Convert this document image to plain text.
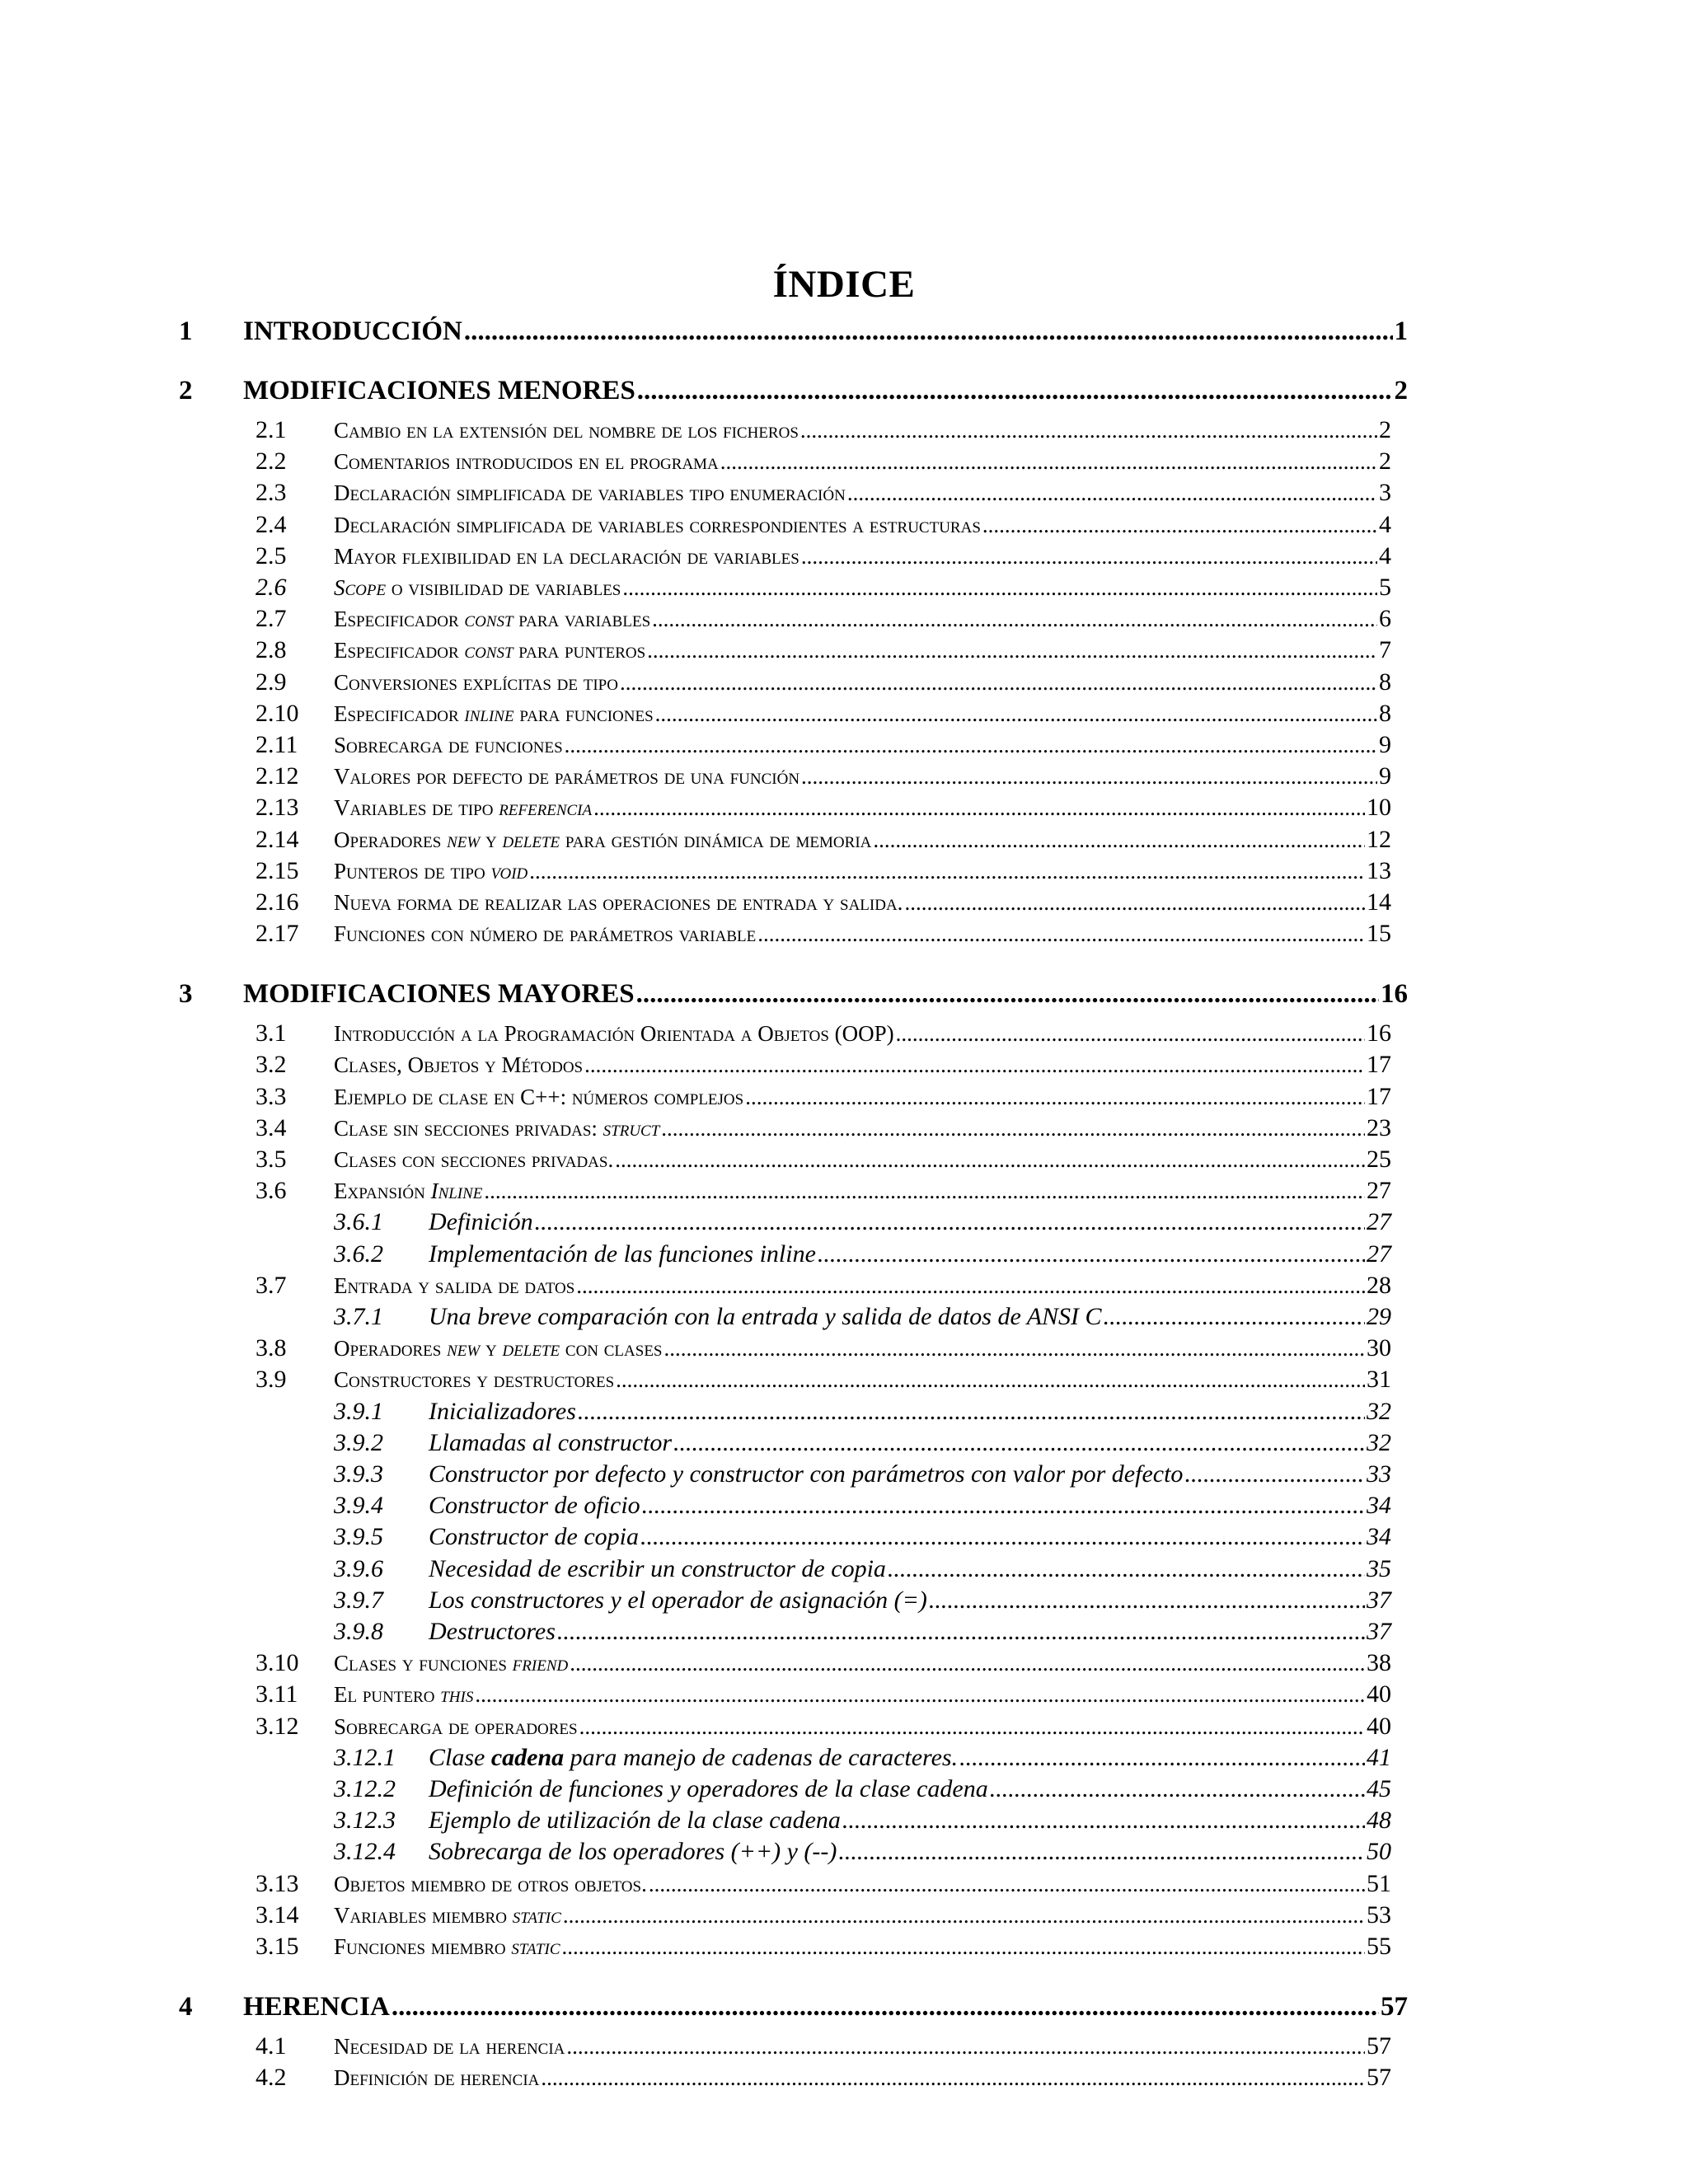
ÍNDICE
1 INTRODUCCIÓN .....	1
2 MODIFICACIONES MENORES .....	2
2.1 Cambio en la extensión del nombre de los ficheros .....	2
2.2 Comentarios introducidos en el programa .....	2
2.3 Declaración simplificada de variables tipo enumeración .....	3
2.4 Declaración simplificada de variables correspondientes a estructuras .....	4
2.5 Mayor flexibilidad en la declaración de variables .....	4
2.6 Scope o visibilidad de variables .....	5
2.7 Especificador const para variables .....	6
2.8 Especificador const para punteros .....	7
2.9 Conversiones explícitas de tipo .....	8
2.10 Especificador inline para funciones .....	8
2.11 Sobrecarga de funciones .....	9
2.12 Valores por defecto de parámetros de una función .....	9
2.13 Variables de tipo referencia .....	10
2.14 Operadores new y delete para gestión dinámica de memoria .....	12
2.15 Punteros de tipo void .....	13
2.16 Nueva forma de realizar las operaciones de entrada y salida. .....	14
2.17 Funciones con número de parámetros variable .....	15
3 MODIFICACIONES MAYORES .....	16
3.1 Introducción a la Programación Orientada a Objetos (OOP) .....	16
3.2 Clases, Objetos y Métodos .....	17
3.3 Ejemplo de clase en C++: números complejos .....	17
3.4 Clase sin secciones privadas: struct .....	23
3.5 Clases con secciones privadas. .....	25
3.6 Expansión Inline .....	27
3.6.1 Definición .....	27
3.6.2 Implementación de las funciones inline .....	27
3.7 Entrada y salida de datos .....	28
3.7.1 Una breve comparación con la entrada y salida de datos de ANSI C .....	29
3.8 Operadores new y delete con clases .....	30
3.9 Constructores y destructores .....	31
3.9.1 Inicializadores .....	32
3.9.2 Llamadas al constructor .....	32
3.9.3 Constructor por defecto y constructor con parámetros con valor por defecto .....	33
3.9.4 Constructor de oficio .....	34
3.9.5 Constructor de copia .....	34
3.9.6 Necesidad de escribir un constructor de copia .....	35
3.9.7 Los constructores y el operador de asignación (=) .....	37
3.9.8 Destructores .....	37
3.10 Clases y funciones friend .....	38
3.11 El puntero this .....	40
3.12 Sobrecarga de operadores .....	40
3.12.1 Clase cadena para manejo de cadenas de caracteres. .....	41
3.12.2 Definición de funciones y operadores de la clase cadena .....	45
3.12.3 Ejemplo de utilización de la clase cadena .....	48
3.12.4 Sobrecarga de los operadores (++) y (--) .....	50
3.13 Objetos miembro de otros objetos. .....	51
3.14 Variables miembro static .....	53
3.15 Funciones miembro static .....	55
4 HERENCIA .....	57
4.1 Necesidad de la herencia .....	57
4.2 Definición de herencia .....	57
